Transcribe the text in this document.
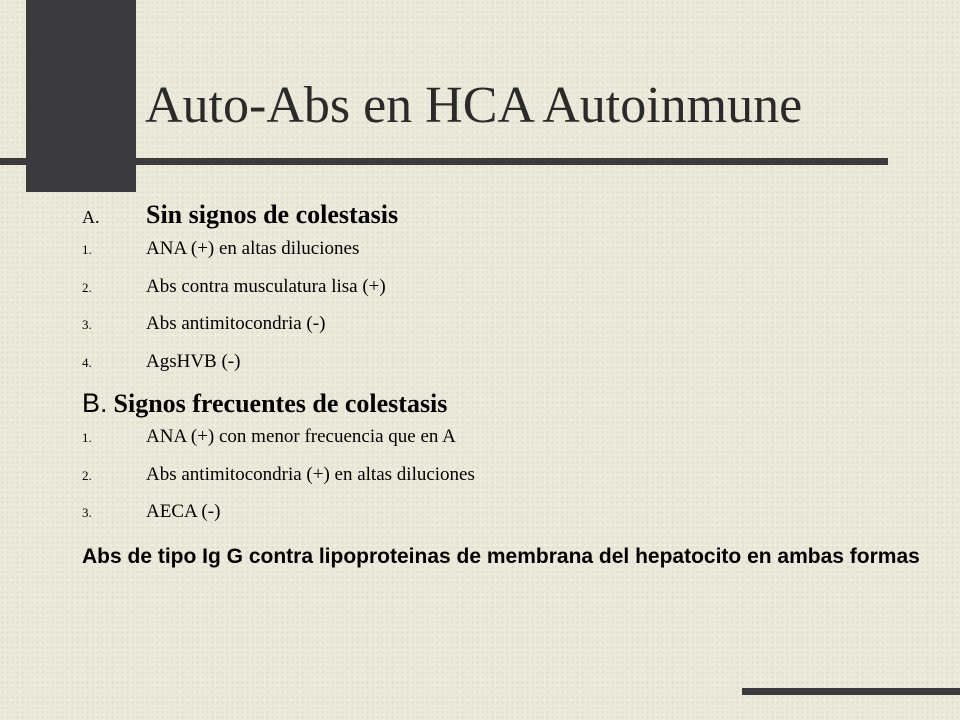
Auto-Abs en HCA Autoinmune
A.	Sin signos de colestasis
1.	ANA (+) en altas diluciones
2.	Abs contra musculatura lisa (+)
3.	Abs antimitocondria (-)
4.	AgsHVB (-)
B. Signos frecuentes de colestasis
1.	ANA (+) con menor frecuencia que en A
2.	Abs antimitocondria (+) en altas diluciones
3.	AECA (-)
Abs de tipo Ig G contra lipoproteinas de membrana del hepatocito en ambas formas
